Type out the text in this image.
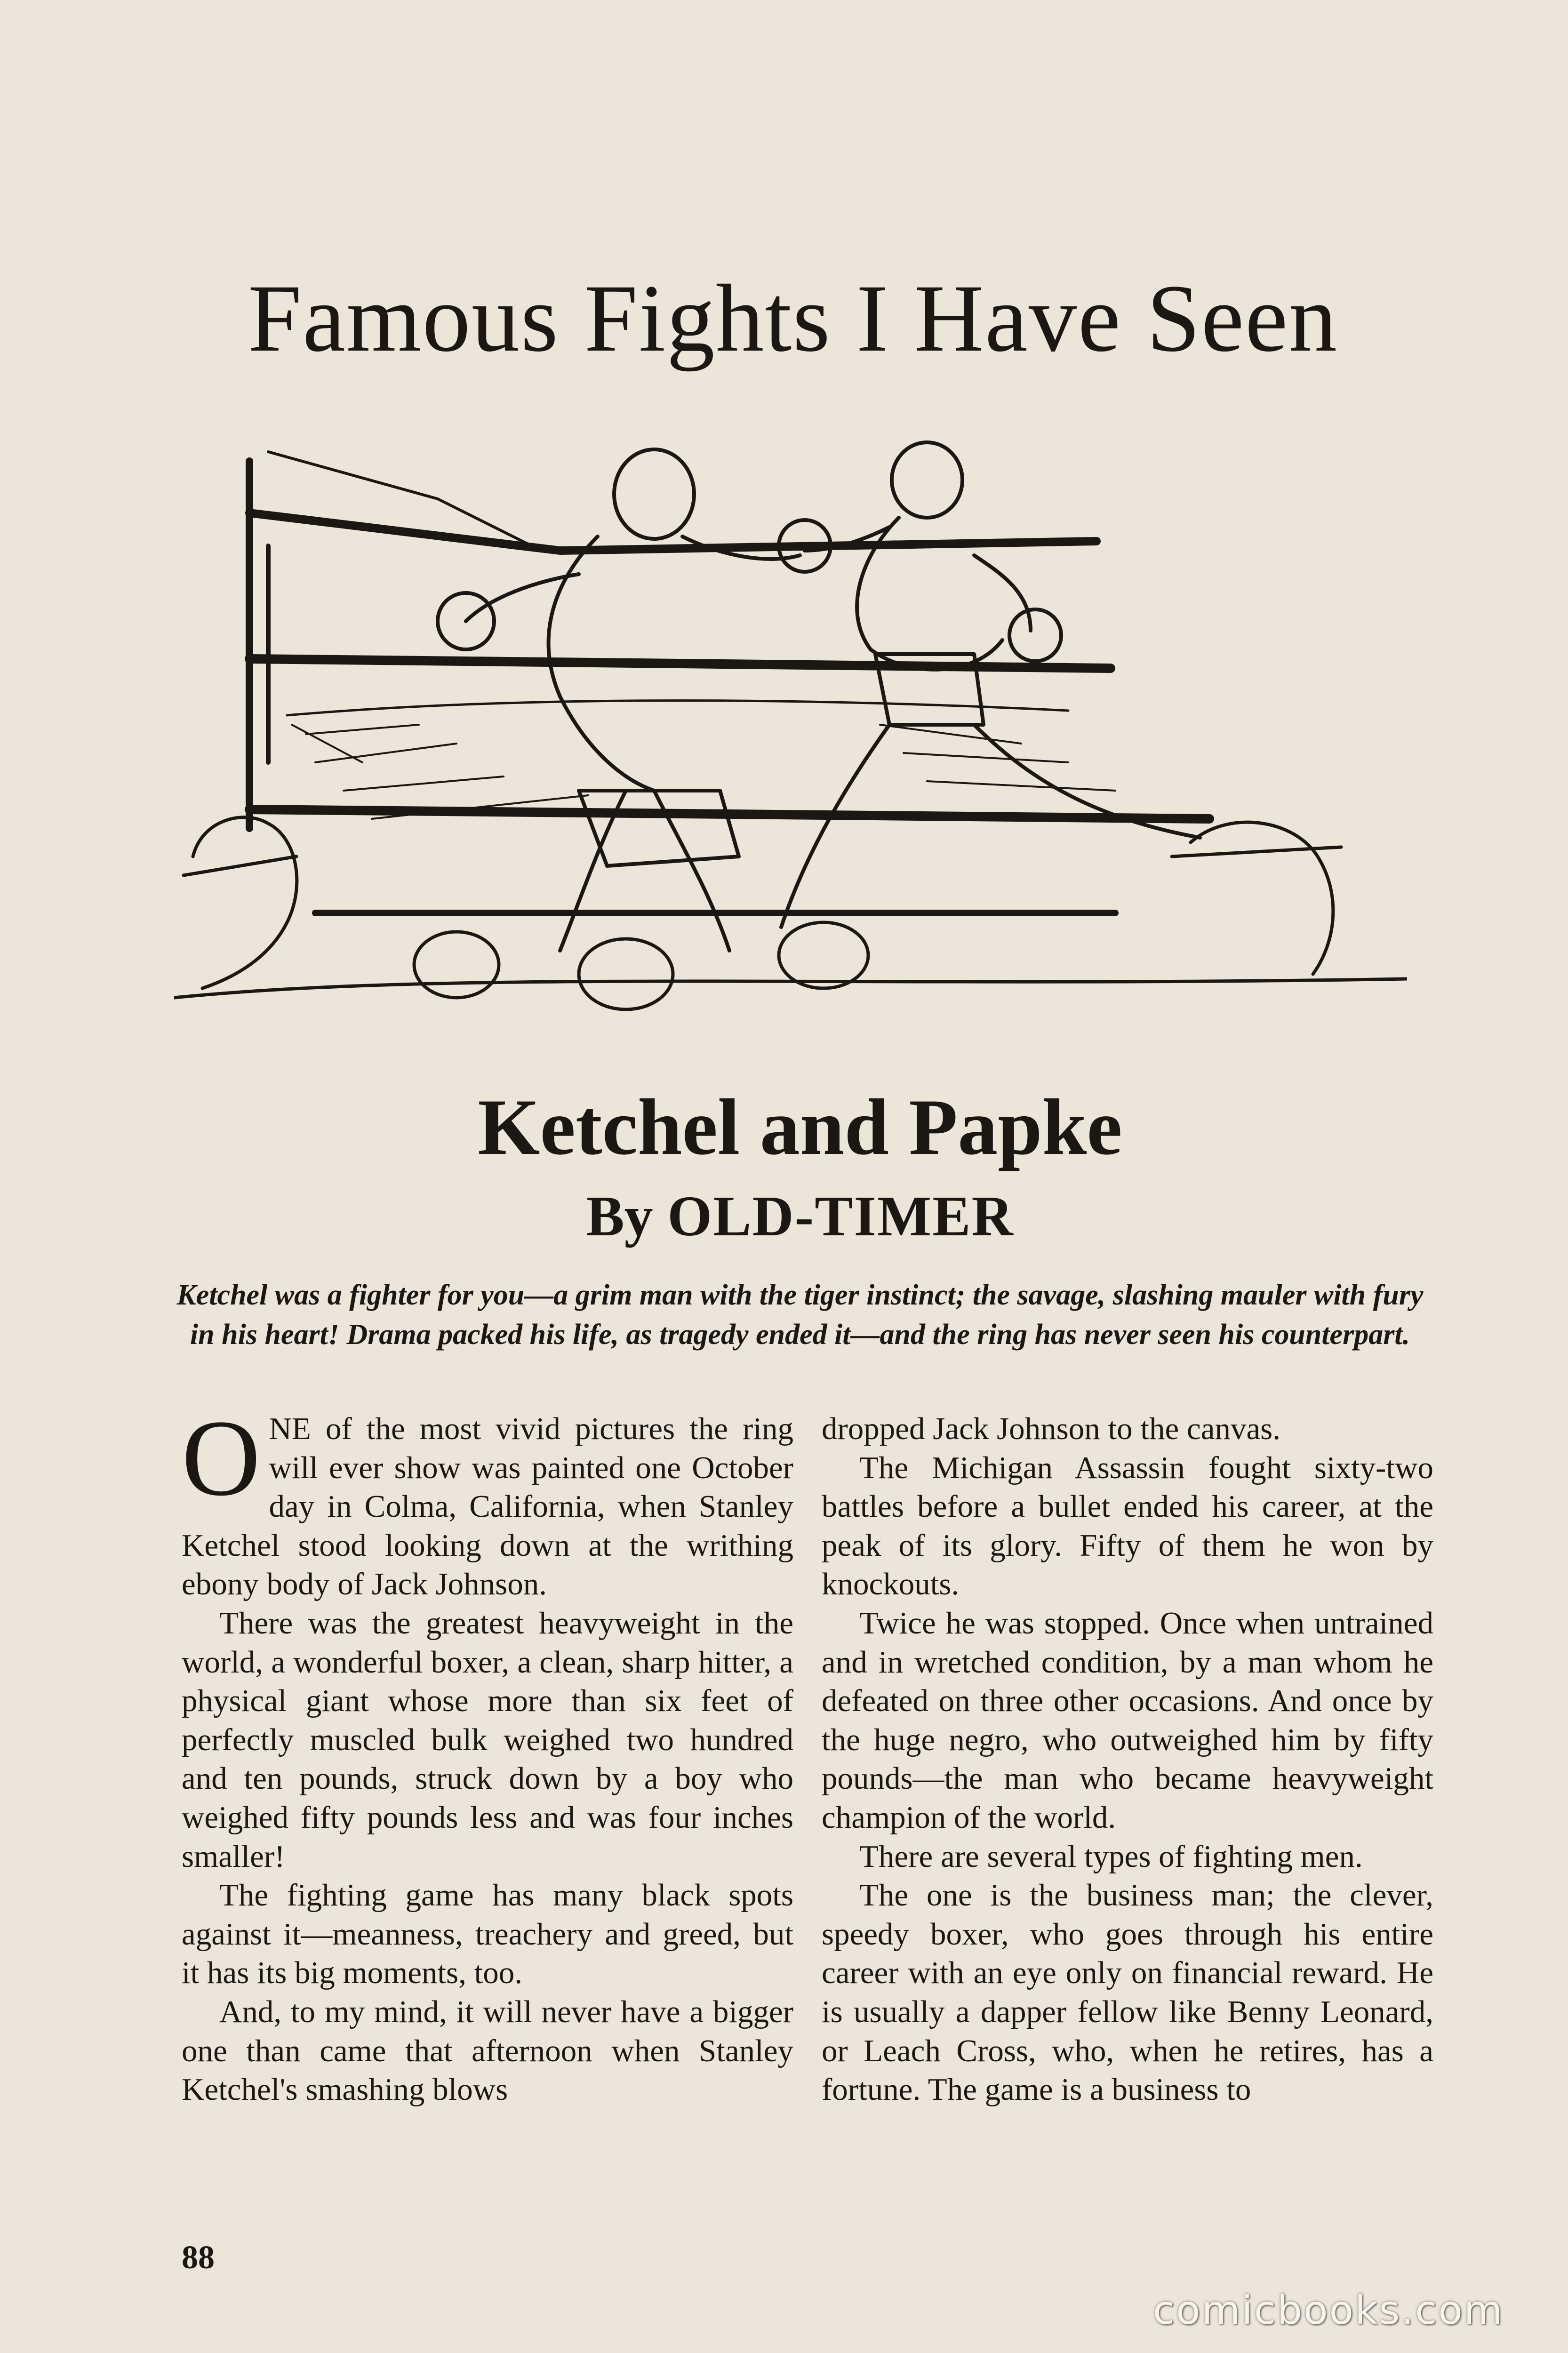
Famous Fights I Have Seen
Ketchel and Papke
By OLD-TIMER
Ketchel was a fighter for you—a grim man with the tiger instinct; the savage, slashing mauler with fury in his heart! Drama packed his life, as tragedy ended it—and the ring has never seen his counterpart.

ONE of the most vivid pictures the ring will ever show was painted one October day in Colma, California, when Stanley Ketchel stood looking down at the writhing ebony body of Jack Johnson.

There was the greatest heavyweight in the world, a wonderful boxer, a clean, sharp hitter, a physical giant whose more than six feet of perfectly muscled bulk weighed two hundred and ten pounds, struck down by a boy who weighed fifty pounds less and was four inches smaller!

The fighting game has many black spots against it—meanness, treachery and greed, but it has its big moments, too.

And, to my mind, it will never have a bigger one than came that afternoon when Stanley Ketchel's smashing blows

dropped Jack Johnson to the canvas.

The Michigan Assassin fought sixty-two battles before a bullet ended his career, at the peak of its glory. Fifty of them he won by knockouts.

Twice he was stopped. Once when untrained and in wretched condition, by a man whom he defeated on three other occasions. And once by the huge negro, who outweighed him by fifty pounds—the man who became heavyweight champion of the world.

There are several types of fighting men.

The one is the business man; the clever, speedy boxer, who goes through his entire career with an eye only on financial reward. He is usually a dapper fellow like Benny Leonard, or Leach Cross, who, when he retires, has a fortune. The game is a business to

88
comicbooks.com
